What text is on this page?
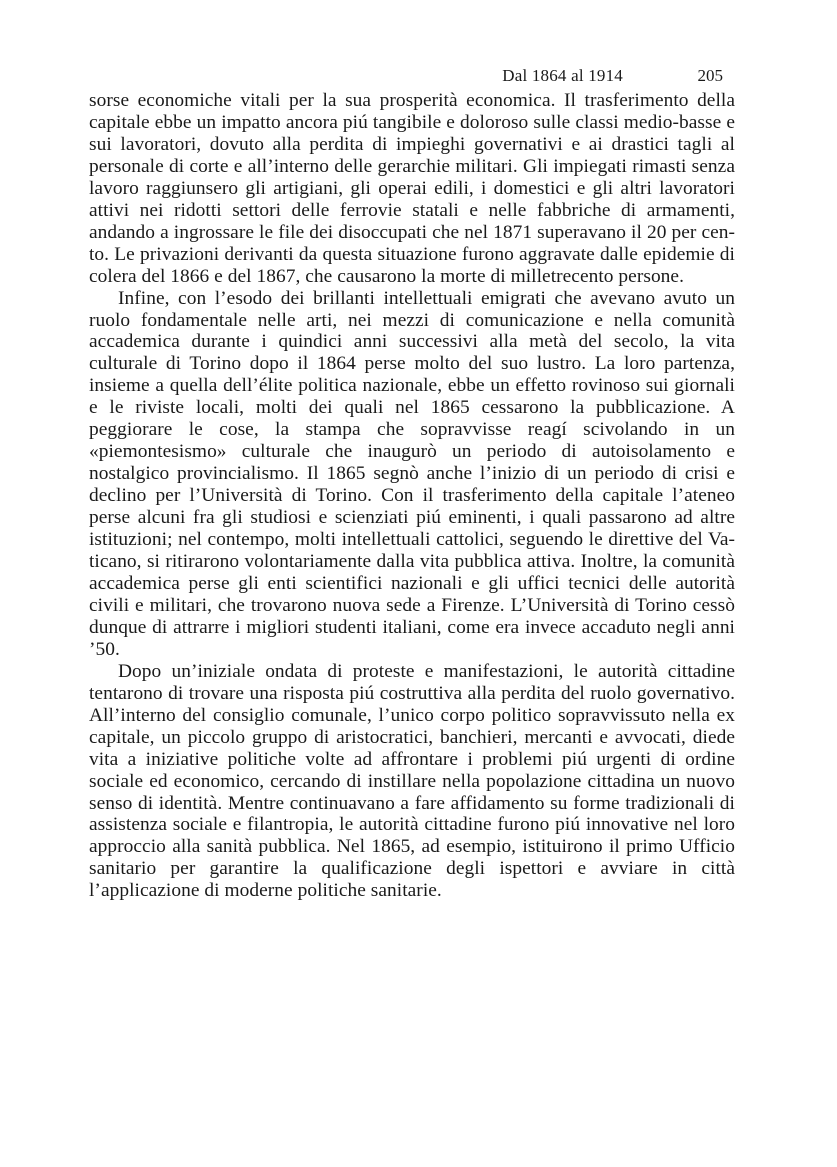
Dal 1864 al 1914	205

sorse economiche vitali per la sua prosperità economica. Il trasferimento della capitale ebbe un impatto ancora piú tangibile e doloroso sulle classi medio-basse e sui lavoratori, dovuto alla perdita di impieghi governativi e ai drastici tagli al personale di corte e all’interno delle gerarchie militari. Gli impiegati rimasti senza lavoro raggiunsero gli artigiani, gli operai edili, i domestici e gli altri lavoratori attivi nei ridotti settori delle ferrovie statali e nelle fabbriche di armamenti, andando a ingrossare le file dei disoccupati che nel 1871 superavano il 20 per cento. Le privazioni derivanti da questa situazione furono aggravate dalle epidemie di colera del 1866 e del 1867, che causarono la morte di milletrecento persone.

Infine, con l’esodo dei brillanti intellettuali emigrati che avevano avuto un ruolo fondamentale nelle arti, nei mezzi di comunicazione e nella comunità accademica durante i quindici anni successivi alla metà del secolo, la vita culturale di Torino dopo il 1864 perse molto del suo lustro. La loro partenza, insieme a quella dell’élite politica nazionale, ebbe un effetto rovinoso sui giornali e le riviste locali, molti dei quali nel 1865 cessarono la pubblicazione. A peggiorare le cose, la stampa che sopravvisse reagí scivolando in un «piemontesismo» culturale che inaugurò un periodo di autoisolamento e nostalgico provincialismo. Il 1865 segnò anche l’inizio di un periodo di crisi e declino per l’Università di Torino. Con il trasferimento della capitale l’ateneo perse alcuni fra gli studiosi e scienziati piú eminenti, i quali passarono ad altre istituzioni; nel contempo, molti intellettuali cattolici, seguendo le direttive del Vaticano, si ritirarono volontariamente dalla vita pubblica attiva. Inoltre, la comunità accademica perse gli enti scientifici nazionali e gli uffici tecnici delle autorità civili e militari, che trovarono nuova sede a Firenze. L’Università di Torino cessò dunque di attrarre i migliori studenti italiani, come era invece accaduto negli anni ’50.

Dopo un’iniziale ondata di proteste e manifestazioni, le autorità cittadine tentarono di trovare una risposta piú costruttiva alla perdita del ruolo governativo. All’interno del consiglio comunale, l’unico corpo politico sopravvissuto nella ex capitale, un piccolo gruppo di aristocratici, banchieri, mercanti e avvocati, diede vita a iniziative politiche volte ad affrontare i problemi piú urgenti di ordine sociale ed economico, cercando di instillare nella popolazione cittadina un nuovo senso di identità. Mentre continuavano a fare affidamento su forme tradizionali di assistenza sociale e filantropia, le autorità cittadine furono piú innovative nel loro approccio alla sanità pubblica. Nel 1865, ad esempio, istituirono il primo Ufficio sanitario per garantire la qualificazione degli ispettori e avviare in città l’applicazione di moderne politiche sanitarie.
